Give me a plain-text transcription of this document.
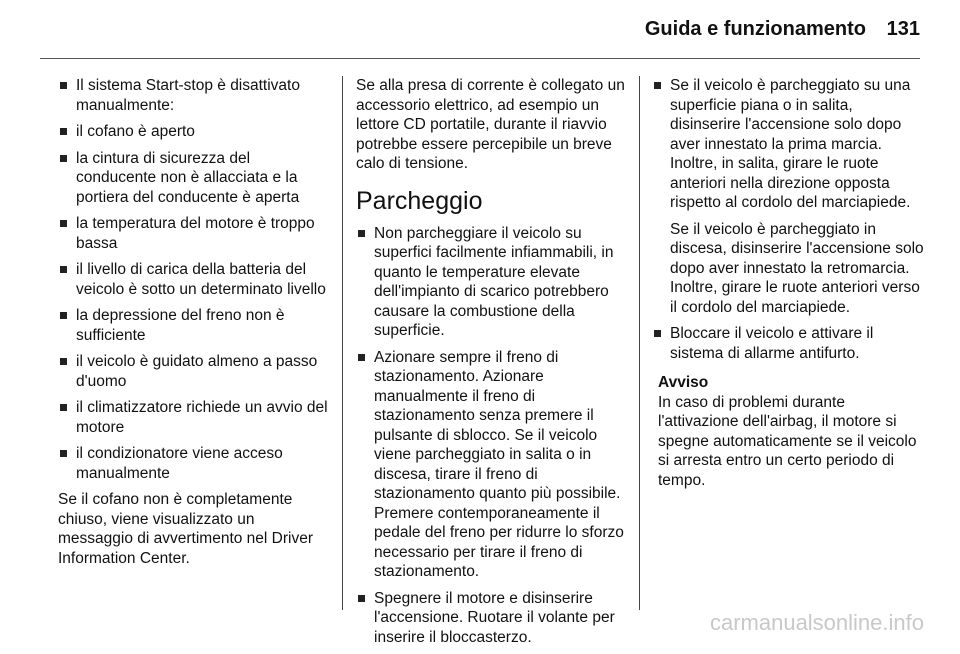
Guida e funzionamento 131
Il sistema Start-stop è disattivato manualmente:
il cofano è aperto
la cintura di sicurezza del conducente non è allacciata e la portiera del conducente è aperta
la temperatura del motore è troppo bassa
il livello di carica della batteria del veicolo è sotto un determinato livello
la depressione del freno non è sufficiente
il veicolo è guidato almeno a passo d'uomo
il climatizzatore richiede un avvio del motore
il condizionatore viene acceso manualmente

Se il cofano non è completamente chiuso, viene visualizzato un messaggio di avvertimento nel Driver Information Center.

Se alla presa di corrente è collegato un accessorio elettrico, ad esempio un lettore CD portatile, durante il riavvio potrebbe essere percepibile un breve calo di tensione.

Parcheggio
Non parcheggiare il veicolo su superfici facilmente infiammabili, in quanto le temperature elevate dell'impianto di scarico potrebbero causare la combustione della superficie.
Azionare sempre il freno di stazionamento. Azionare manualmente il freno di stazionamento senza premere il pulsante di sblocco. Se il veicolo viene parcheggiato in salita o in discesa, tirare il freno di stazionamento quanto più possibile. Premere contemporaneamente il pedale del freno per ridurre lo sforzo necessario per tirare il freno di stazionamento.
Spegnere il motore e disinserire l'accensione. Ruotare il volante per inserire il bloccasterzo.

Se il veicolo è parcheggiato su una superficie piana o in salita, disinserire l'accensione solo dopo aver innestato la prima marcia. Inoltre, in salita, girare le ruote anteriori nella direzione opposta rispetto al cordolo del marciapiede.

Se il veicolo è parcheggiato in discesa, disinserire l'accensione solo dopo aver innestato la retromarcia. Inoltre, girare le ruote anteriori verso il cordolo del marciapiede.

Bloccare il veicolo e attivare il sistema di allarme antifurto.
Avviso
In caso di problemi durante l'attivazione dell'airbag, il motore si spegne automaticamente se il veicolo si arresta entro un certo periodo di tempo.
carmanualsonline.info
